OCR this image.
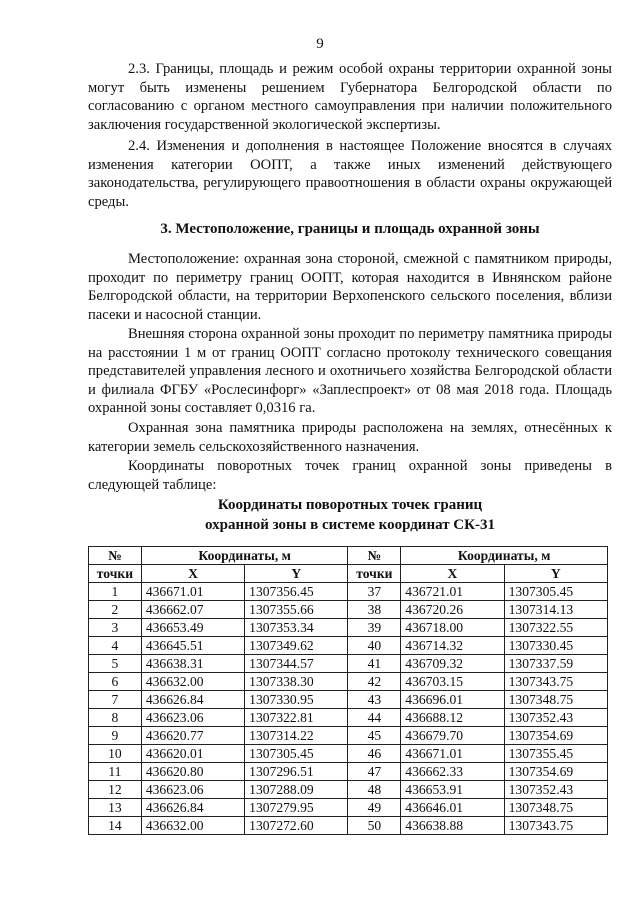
9

2.3. Границы, площадь и режим особой охраны территории охранной зоны могут быть изменены решением Губернатора Белгородской области по согласованию с органом местного самоуправления при наличии положительного заключения государственной экологической экспертизы.

2.4. Изменения и дополнения в настоящее Положение вносятся в случаях изменения категории ООПТ, а также иных изменений действующего законодательства, регулирующего правоотношения в области охраны окружающей среды.

3. Местоположение, границы и площадь охранной зоны

Местоположение: охранная зона стороной, смежной с памятником природы, проходит по периметру границ ООПТ, которая находится в Ивнянском районе Белгородской области, на территории Верхопенского сельского поселения, вблизи пасеки и насосной станции.

Внешняя сторона охранной зоны проходит по периметру памятника природы на расстоянии 1 м от границ ООПТ согласно протоколу технического совещания представителей управления лесного и охотничьего хозяйства Белгородской области и филиала ФГБУ «Рослесинфорг» «Заплеспроект» от 08 мая 2018 года. Площадь охранной зоны составляет 0,0316 га.

Охранная зона памятника природы расположена на землях, отнесённых к категории земель сельскохозяйственного назначения.

Координаты поворотных точек границ охранной зоны приведены в следующей таблице:

Координаты поворотных точек границ
охранной зоны в системе координат СК-31
№	Координаты, м		№	Координаты, м	
точки	X	Y	точки	X	Y
1	436671.01	1307356.45	37	436721.01	1307305.45
2	436662.07	1307355.66	38	436720.26	1307314.13
3	436653.49	1307353.34	39	436718.00	1307322.55
4	436645.51	1307349.62	40	436714.32	1307330.45
5	436638.31	1307344.57	41	436709.32	1307337.59
6	436632.00	1307338.30	42	436703.15	1307343.75
7	436626.84	1307330.95	43	436696.01	1307348.75
8	436623.06	1307322.81	44	436688.12	1307352.43
9	436620.77	1307314.22	45	436679.70	1307354.69
10	436620.01	1307305.45	46	436671.01	1307355.45
11	436620.80	1307296.51	47	436662.33	1307354.69
12	436623.06	1307288.09	48	436653.91	1307352.43
13	436626.84	1307279.95	49	436646.01	1307348.75
14	436632.00	1307272.60	50	436638.88	1307343.75
